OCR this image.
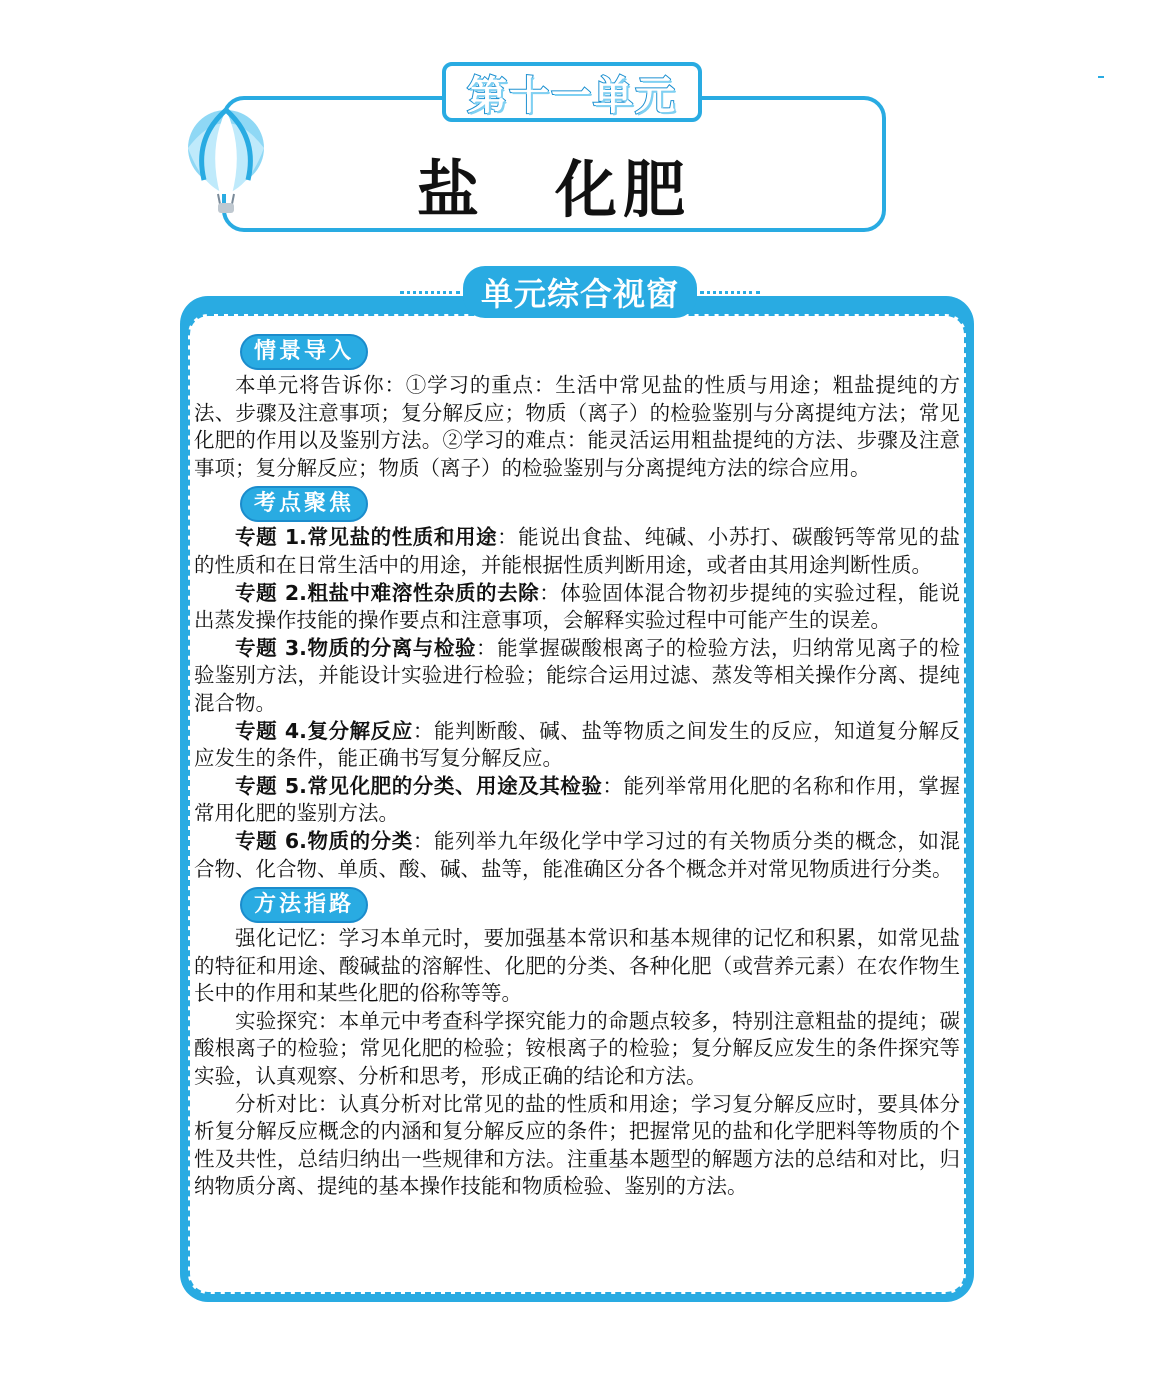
第十一单元
盐 化肥
单元综合视窗
情景导入

本单元将告诉你：①学习的重点：生活中常见盐的性质与用途；粗盐提纯的方法、步骤及注意事项；复分解反应；物质（离子）的检验鉴别与分离提纯方法；常见化肥的作用以及鉴别方法。②学习的难点：能灵活运用粗盐提纯的方法、步骤及注意事项；复分解反应；物质（离子）的检验鉴别与分离提纯方法的综合应用。

考点聚焦

专题 1.常见盐的性质和用途：能说出食盐、纯碱、小苏打、碳酸钙等常见的盐的性质和在日常生活中的用途，并能根据性质判断用途，或者由其用途判断性质。

专题 2.粗盐中难溶性杂质的去除：体验固体混合物初步提纯的实验过程，能说出蒸发操作技能的操作要点和注意事项，会解释实验过程中可能产生的误差。

专题 3.物质的分离与检验：能掌握碳酸根离子的检验方法，归纳常见离子的检验鉴别方法，并能设计实验进行检验；能综合运用过滤、蒸发等相关操作分离、提纯混合物。

专题 4.复分解反应：能判断酸、碱、盐等物质之间发生的反应，知道复分解反应发生的条件，能正确书写复分解反应。

专题 5.常见化肥的分类、用途及其检验：能列举常用化肥的名称和作用，掌握常用化肥的鉴别方法。

专题 6.物质的分类：能列举九年级化学中学习过的有关物质分类的概念，如混合物、化合物、单质、酸、碱、盐等，能准确区分各个概念并对常见物质进行分类。

方法指路

强化记忆：学习本单元时，要加强基本常识和基本规律的记忆和积累，如常见盐的特征和用途、酸碱盐的溶解性、化肥的分类、各种化肥（或营养元素）在农作物生长中的作用和某些化肥的俗称等等。

实验探究：本单元中考查科学探究能力的命题点较多，特别注意粗盐的提纯；碳酸根离子的检验；常见化肥的检验；铵根离子的检验；复分解反应发生的条件探究等实验，认真观察、分析和思考，形成正确的结论和方法。

分析对比：认真分析对比常见的盐的性质和用途；学习复分解反应时，要具体分析复分解反应概念的内涵和复分解反应的条件；把握常见的盐和化学肥料等物质的个性及共性，总结归纳出一些规律和方法。注重基本题型的解题方法的总结和对比，归纳物质分离、提纯的基本操作技能和物质检验、鉴别的方法。
